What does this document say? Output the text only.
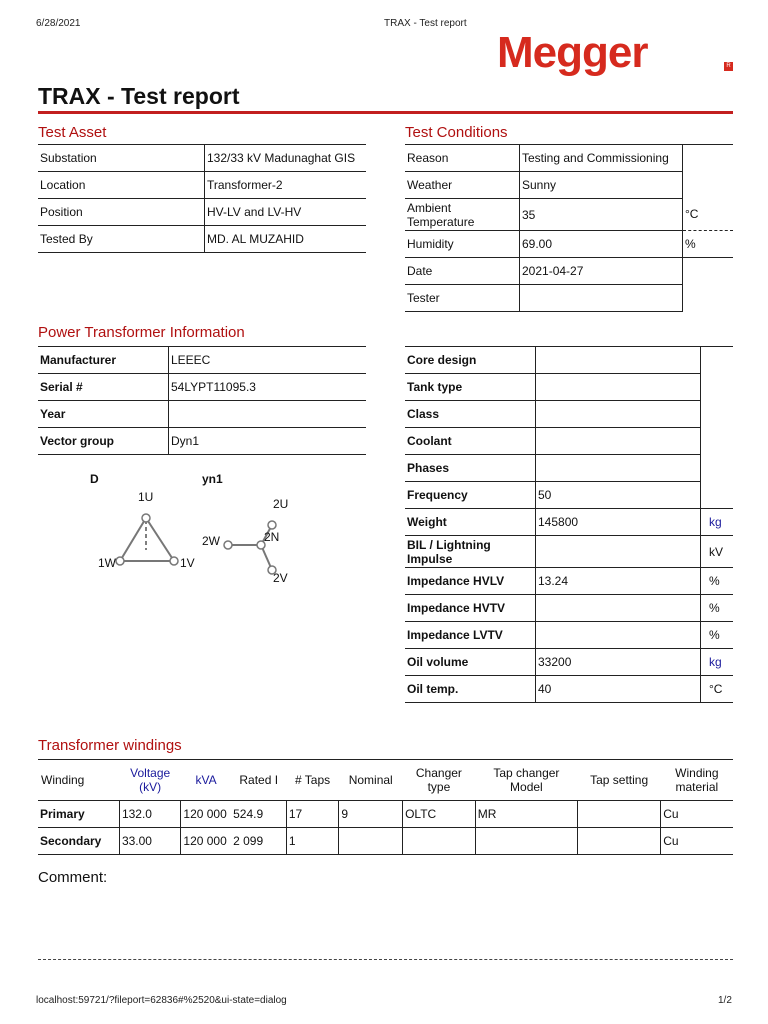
6/28/2021	TRAX - Test report
localhost:59721/?fileport=62836#%2520&ui-state=dialog	1/2
Megger	R
TRAX - Test report
Test Asset
Substation	132/33 kV Madunaghat GIS
Location	Transformer-2
Position	HV-LV and LV-HV
Tested By	MD. AL MUZAHID
Test Conditions
Reason	Testing and Commissioning	
Weather	Sunny	
Ambient Temperature	35	°C
Humidity	69.00	%
Date	2021-04-27	
Tester		
Power Transformer Information
Manufacturer	LEEEC
Serial #	54LYPT11095.3
Year	
Vector group	Dyn1
Core design		
Tank type		
Class		
Coolant		
Phases		
Frequency	50	
Weight	145800	kg
BIL / Lightning Impulse		kV
Impedance HVLV	13.24	%
Impedance HVTV		%
Impedance LVTV		%
Oil volume	33200	kg
Oil temp.	40	°C
D	yn1
1U
1W	1V
2U
2W	2N
2V
Transformer windings
Winding	Voltage (kV)	kVA	Rated I	# Taps	Nominal	Changer type	Tap changer Model	Tap setting	Winding material
Primary	132.0	120 000	524.9	17	9	OLTC	MR		Cu
Secondary	33.00	120 000	2 099	1					Cu
Comment:
